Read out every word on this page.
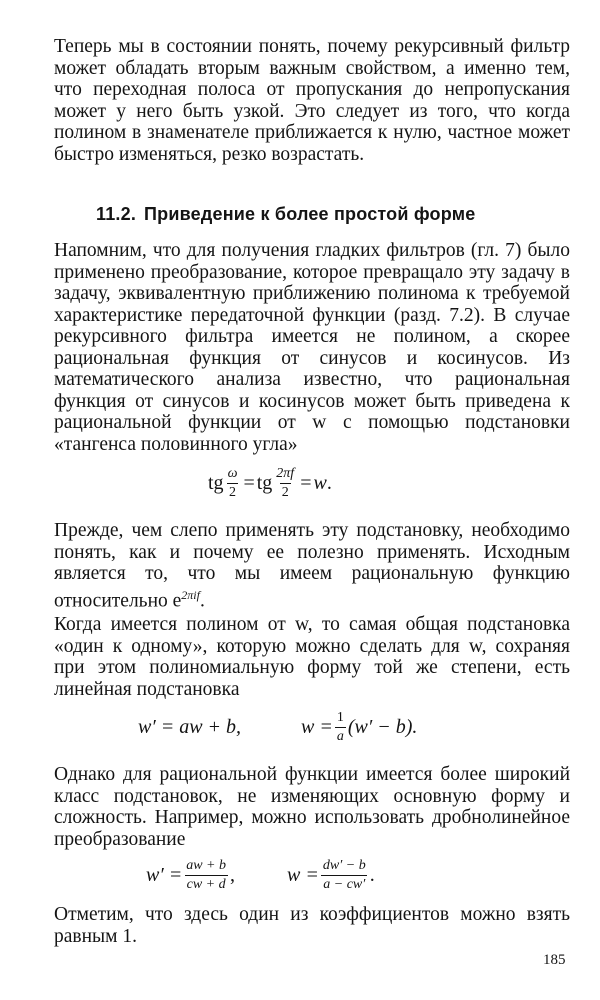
Теперь мы в состоянии понять, почему рекурсивный фильтр может обладать вторым важным свойством, а именно тем, что переходная полоса от пропускания до непропускания может у него быть узкой. Это следует из того, что когда полином в знаменателе приближается к нулю, частное может быстро изменяться, резко возрастать.
11.2. Приведение к более простой форме
Напомним, что для получения гладких фильтров (гл. 7) было применено преобразование, которое превращало эту задачу в задачу, эквивалентную приближению полинома к требуемой характеристике передаточной функции (разд. 7.2). В случае рекурсивного фильтра имеется не полином, а скорее рациональная функция от синусов и косинусов. Из математического анализа известно, что рациональная функция от синусов и косинусов может быть приведена к рациональной функции от w с помощью подстановки «тангенса половинного угла»
tg $\frac{\omega}{2}$ = tg $\frac{2\pi f}{2} = w$ .
Прежде, чем слепо применять эту подстановку, необходимо понять, как и почему ее полезно применять. Исходным является то, что мы имеем рациональную функцию относительно $e^{2\pi if}$.
Когда имеется полином от w, то самая общая подстановка «один к одному», которую можно сделать для w, сохраняя при этом полиномиальную форму той же степени, есть линейная подстановка
w′ = aw + b,	$w = \frac{1}{a} (w' - b)$.
Однако для рациональной функции имеется более широкий класс подстановок, не изменяющих основную форму и сложность. Например, можно использовать дробнолинейное преобразование
$w' = \frac{aw + b}{cw + d}$ ,	$w = \frac{dw' - b}{a - cw'}$ .
Отметим, что здесь один из коэффициентов можно взять равным 1.
185
